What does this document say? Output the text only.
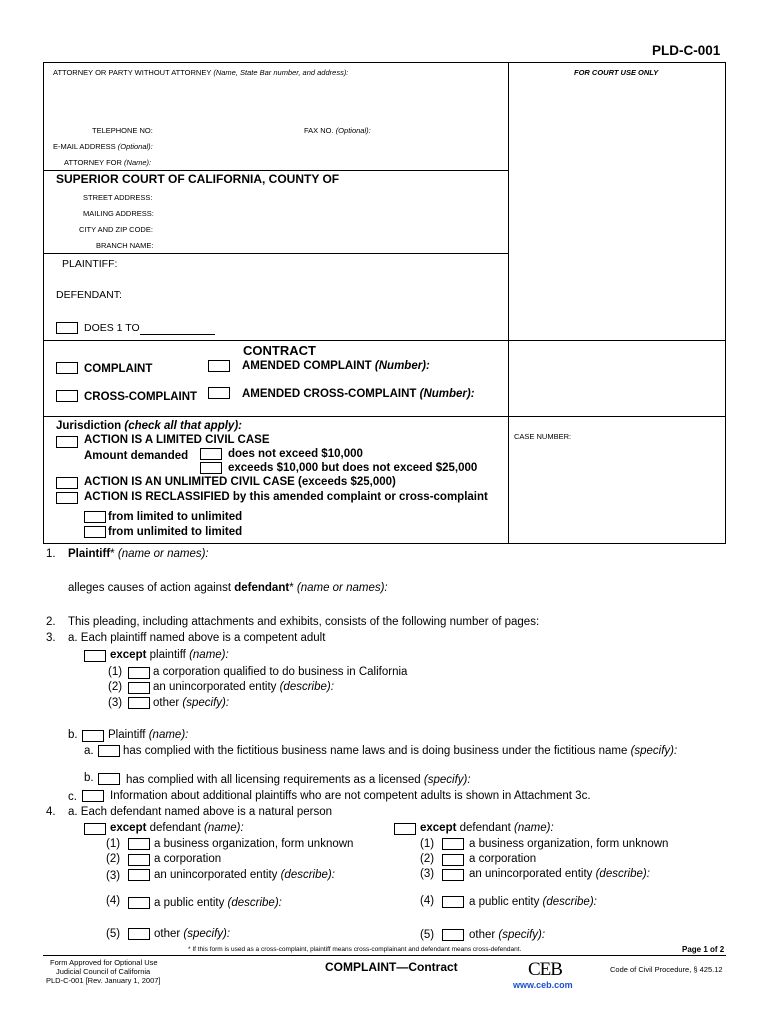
PLD-C-001
ATTORNEY OR PARTY WITHOUT ATTORNEY (Name, State Bar number, and address):	FOR COURT USE ONLY
TELEPHONE NO:	FAX NO. (Optional):
E-MAIL ADDRESS (Optional):
ATTORNEY FOR (Name):
SUPERIOR COURT OF CALIFORNIA, COUNTY OF
STREET ADDRESS:
MAILING ADDRESS:
CITY AND ZIP CODE:
BRANCH NAME:
PLAINTIFF:
DEFENDANT:
DOES 1 TO
CONTRACT
COMPLAINT	AMENDED COMPLAINT (Number):
CROSS-COMPLAINT	AMENDED CROSS-COMPLAINT (Number):
Jurisdiction (check all that apply):
CASE NUMBER:
ACTION IS A LIMITED CIVIL CASE
Amount demanded	does not exceed $10,000
exceeds $10,000 but does not exceed $25,000
ACTION IS AN UNLIMITED CIVIL CASE (exceeds $25,000)
ACTION IS RECLASSIFIED by this amended complaint or cross-complaint
from limited to unlimited
from unlimited to limited
1. Plaintiff* (name or names):
alleges causes of action against defendant* (name or names):
2. This pleading, including attachments and exhibits, consists of the following number of pages:
3. a. Each plaintiff named above is a competent adult
except plaintiff (name):
(1)	a corporation qualified to do business in California
(2)	an unincorporated entity (describe):
(3)	other (specify):
b.	Plaintiff (name):
a.	has complied with the fictitious business name laws and is doing business under the fictitious name (specify):
b.	has complied with all licensing requirements as a licensed (specify):
c.	Information about additional plaintiffs who are not competent adults is shown in Attachment 3c.
4. a. Each defendant named above is a natural person
except defendant (name):
(1)	a business organization, form unknown
(2)	a corporation
(3)	an unincorporated entity (describe):
(4)	a public entity (describe):
(5)	other (specify):
except defendant (name):
(1)	a business organization, form unknown
(2)	a corporation
(3)	an unincorporated entity (describe):
(4)	a public entity (describe):
(5)	other (specify):
* If this form is used as a cross-complaint, plaintiff means cross-complainant and defendant means cross-defendant.	Page 1 of 2
Form Approved for Optional Use
Judicial Council of California
PLD-C-001 [Rev. January 1, 2007]
COMPLAINT—Contract	CEB
www.ceb.com
Code of Civil Procedure, § 425.12
